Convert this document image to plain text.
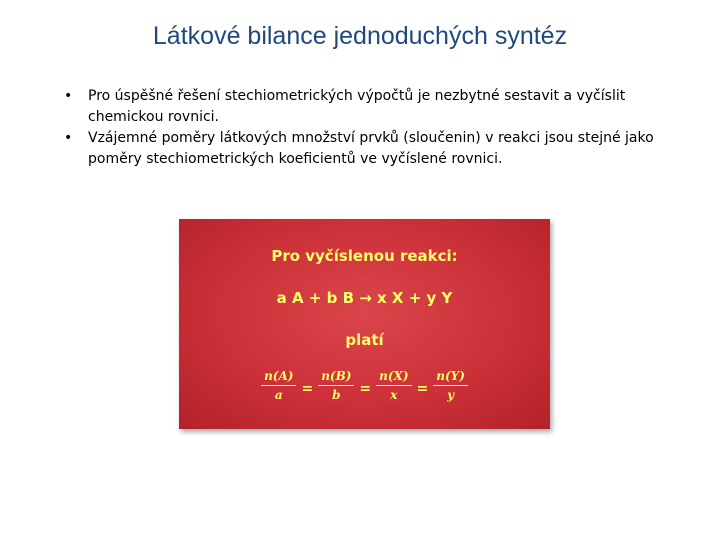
Látkové bilance jednoduchých syntéz
• Pro úspěšné řešení stechiometrických výpočtů je nezbytné sestavit a vyčíslit chemickou rovnici.
• Vzájemné poměry látkových množství prvků (sloučenin) v reakci jsou stejné jako poměry stechiometrických koeficientů ve vyčíslené rovnici.
Pro vyčíslenou reakci:
a A + b B → x X + y Y
platí
$\frac{n(A)}{a} = \frac{n(B)}{b} = \frac{n(X)}{x} = \frac{n(Y)}{y}$
